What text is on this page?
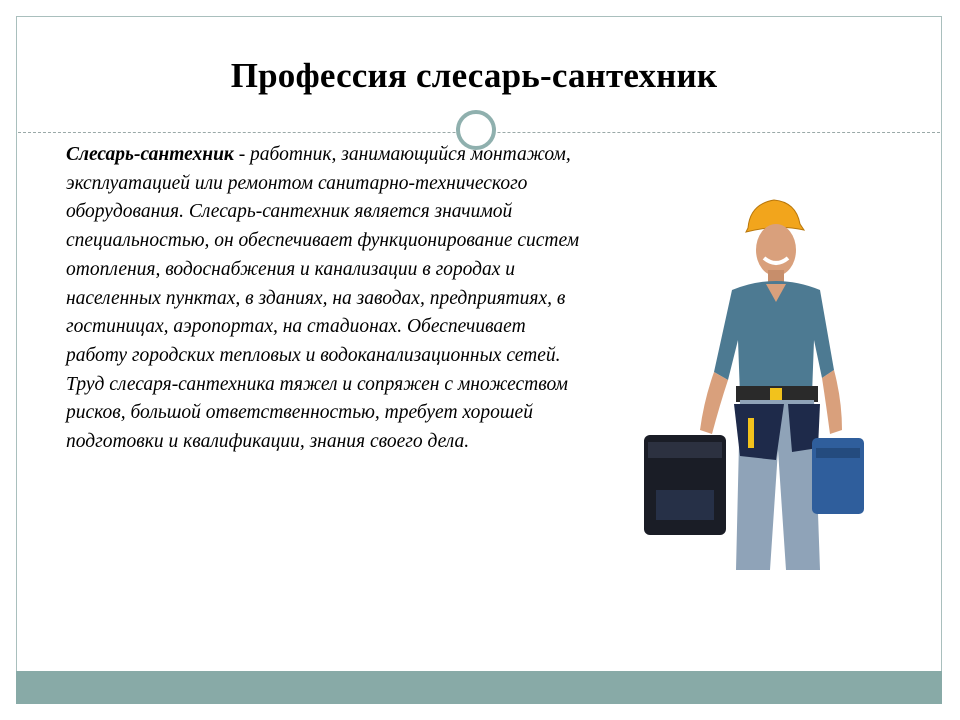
Профессия слесарь-сантехник
Слесарь-сантехник - работник, занимающийся монтажом, эксплуатацией или ремонтом санитарно-технического оборудования. Слесарь-сантехник является значимой специальностью, он обеспечивает функционирование систем отопления, водоснабжения и канализации в городах и населенных пунктах, в зданиях, на заводах, предприятиях, в гостиницах, аэропортах, на стадионах. Обеспечивает работу городских тепловых и водоканализационных сетей. Труд слесаря-сантехника тяжел и сопряжен с множеством рисков, большой ответственностью, требует хорошей подготовки и квалификации, знания своего дела.
